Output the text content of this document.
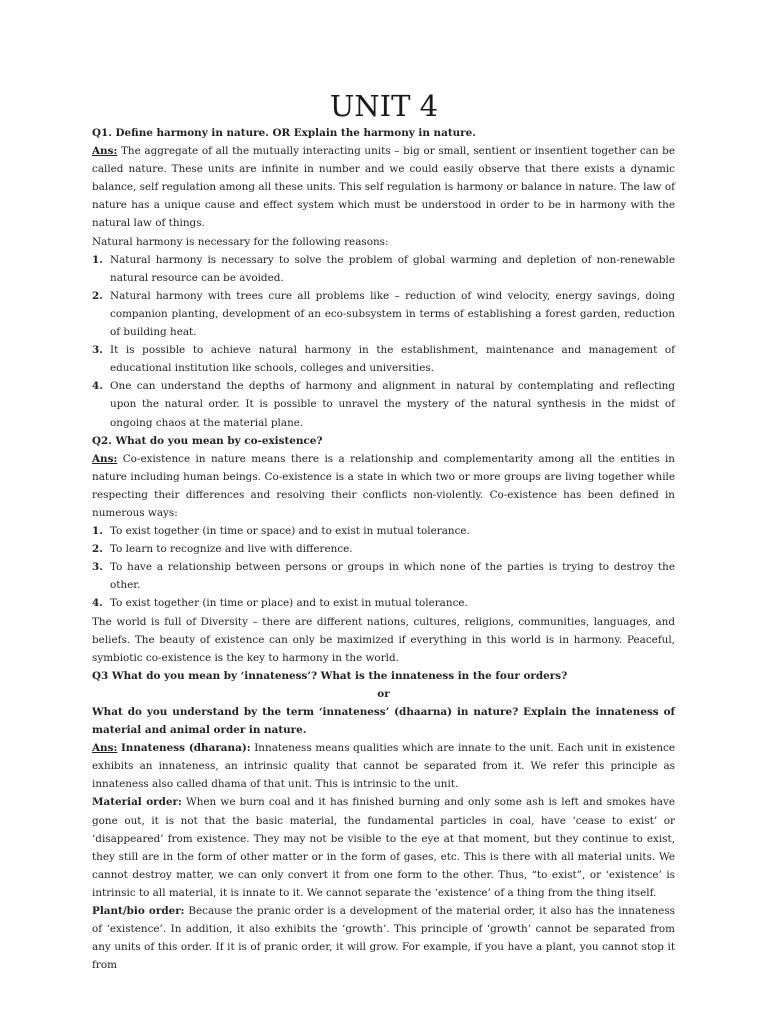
UNIT 4

Q1. Define harmony in nature. OR Explain the harmony in nature.

Ans: The aggregate of all the mutually interacting units – big or small, sentient or insentient together can be called nature. These units are infinite in number and we could easily observe that there exists a dynamic balance, self regulation among all these units. This self regulation is harmony or balance in nature. The law of nature has a unique cause and effect system which must be understood in order to be in harmony with the natural law of things.

Natural harmony is necessary for the following reasons:

1. Natural harmony is necessary to solve the problem of global warming and depletion of non-renewable natural resource can be avoided.
2. Natural harmony with trees cure all problems like – reduction of wind velocity, energy savings, doing companion planting, development of an eco-subsystem in terms of establishing a forest garden, reduction of building heat.
3. It is possible to achieve natural harmony in the establishment, maintenance and management of educational institution like schools, colleges and universities.
4. One can understand the depths of harmony and alignment in natural by contemplating and reflecting upon the natural order. It is possible to unravel the mystery of the natural synthesis in the midst of ongoing chaos at the material plane.

Q2. What do you mean by co-existence?

Ans: Co-existence in nature means there is a relationship and complementarity among all the entities in nature including human beings. Co-existence is a state in which two or more groups are living together while respecting their differences and resolving their conflicts non-violently. Co-existence has been defined in numerous ways:

1. To exist together (in time or space) and to exist in mutual tolerance.
2. To learn to recognize and live with difference.
3. To have a relationship between persons or groups in which none of the parties is trying to destroy the other.
4. To exist together (in time or place) and to exist in mutual tolerance.

The world is full of Diversity – there are different nations, cultures, religions, communities, languages, and beliefs. The beauty of existence can only be maximized if everything in this world is in harmony. Peaceful, symbiotic co-existence is the key to harmony in the world.

Q3 What do you mean by ‘innateness’? What is the innateness in the four orders?

or

What do you understand by the term ‘innateness’ (dhaarna) in nature? Explain the innateness of material and animal order in nature.

Ans: Innateness (dharana): Innateness means qualities which are innate to the unit. Each unit in existence exhibits an innateness, an intrinsic quality that cannot be separated from it. We refer this principle as innateness also called dhama of that unit. This is intrinsic to the unit.

Material order: When we burn coal and it has finished burning and only some ash is left and smokes have gone out, it is not that the basic material, the fundamental particles in coal, have ‘cease to exist’ or ‘disappeared’ from existence. They may not be visible to the eye at that moment, but they continue to exist, they still are in the form of other matter or in the form of gases, etc. This is there with all material units. We cannot destroy matter, we can only convert it from one form to the other. Thus, “to exist”, or ‘existence’ is intrinsic to all material, it is innate to it. We cannot separate the ‘existence’ of a thing from the thing itself.

Plant/bio order: Because the pranic order is a development of the material order, it also has the innateness of ‘existence’. In addition, it also exhibits the ‘growth’. This principle of ‘growth’ cannot be separated from any units of this order. If it is of pranic order, it will grow. For example, if you have a plant, you cannot stop it from
